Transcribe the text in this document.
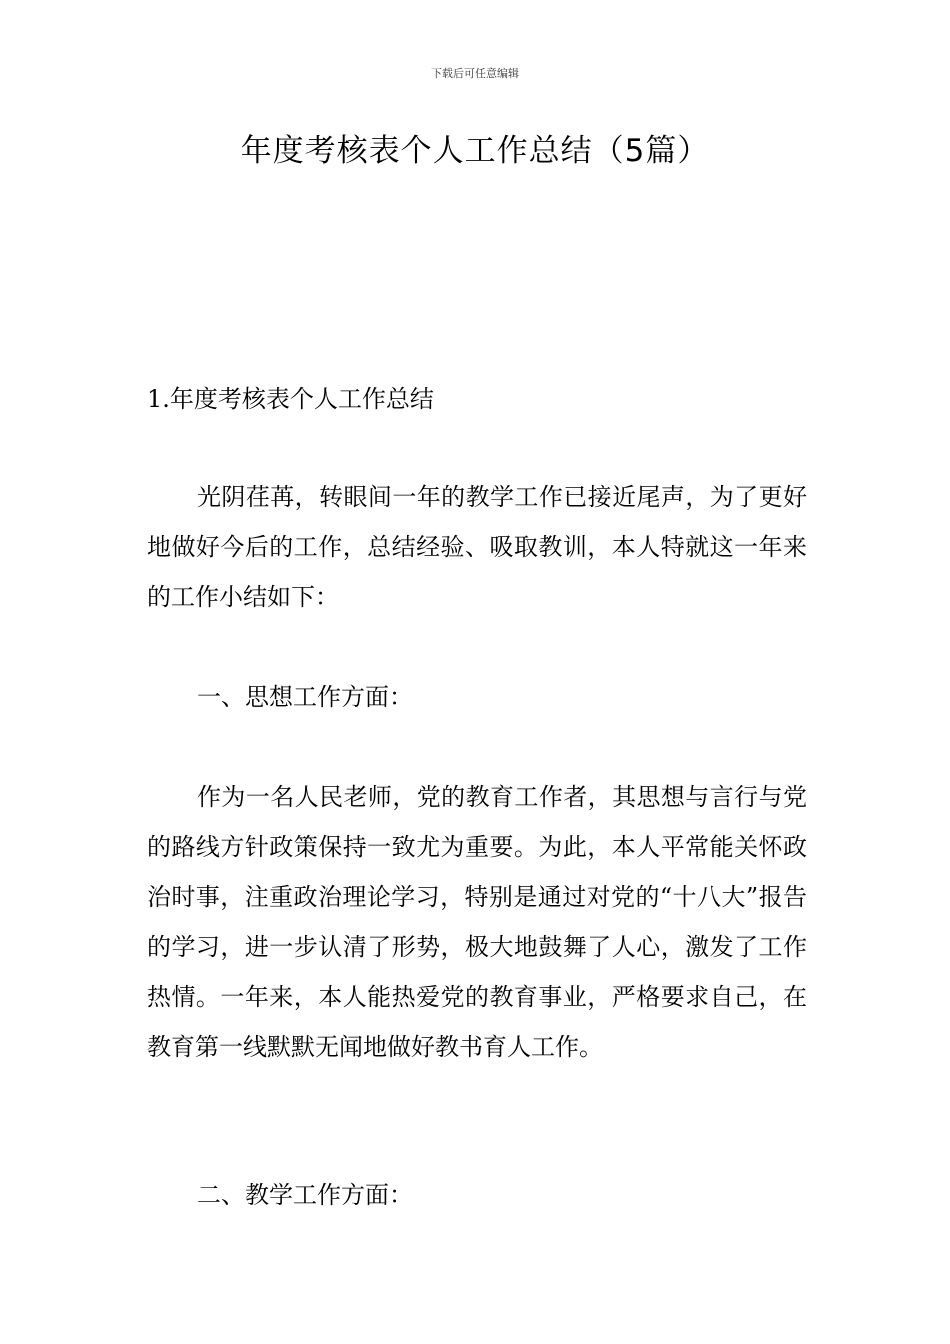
下载后可任意编辑
年度考核表个人工作总结（5篇）
1.年度考核表个人工作总结

光阴荏苒，转眼间一年的教学工作已接近尾声，为了更好地做好今后的工作，总结经验、吸取教训，本人特就这一年来的工作小结如下：

一、思想工作方面：

作为一名人民老师，党的教育工作者，其思想与言行与党的路线方针政策保持一致尤为重要。为此，本人平常能关怀政治时事，注重政治理论学习，特别是通过对党的“十八大”报告的学习，进一步认清了形势，极大地鼓舞了人心，激发了工作热情。一年来，本人能热爱党的教育事业，严格要求自己，在教育第一线默默无闻地做好教书育人工作。

二、教学工作方面：
